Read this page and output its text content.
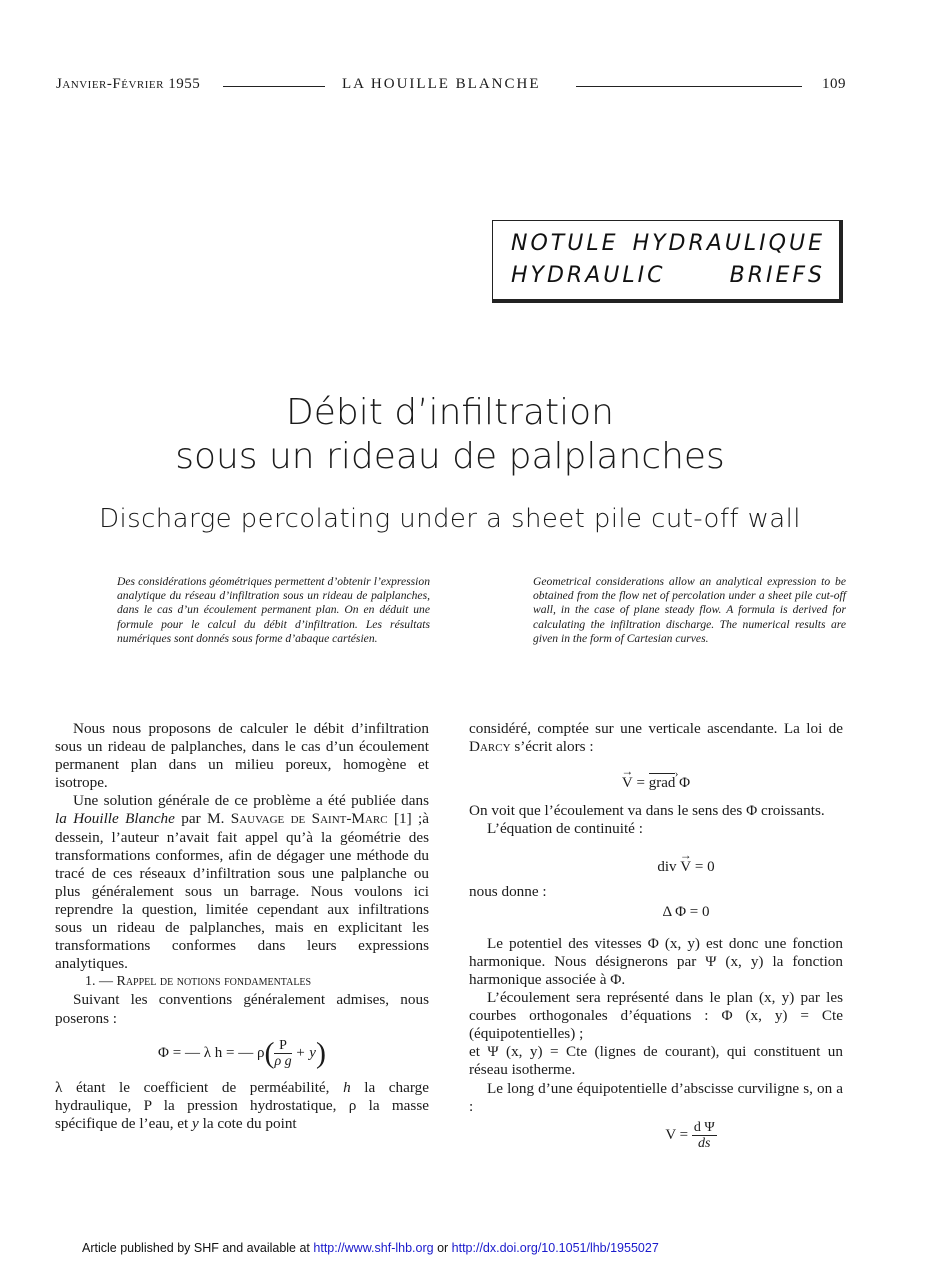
Janvier-Février 1955	LA HOUILLE BLANCHE	109
NOTULE HYDRAULIQUE
HYDRAULIC	BRIEFS
Débit d’infiltration
sous un rideau de palplanches
Discharge percolating under a sheet pile cut-off wall
Des considérations géométriques permettent d’obtenir l’expression analytique du réseau d’infiltration sous un rideau de palplanches, dans le cas d’un écoulement permanent plan. On en déduit une formule pour le calcul du débit d’infiltration. Les résultats numériques sont donnés sous forme d’abaque cartésien.
Geometrical considerations allow an analytical expression to be obtained from the flow net of percolation under a sheet pile cut-off wall, in the case of plane steady flow. A formula is derived for calculating the infiltration discharge. The numerical results are given in the form of Cartesian curves.

Nous nous proposons de calculer le débit d’infiltration sous un rideau de palplanches, dans le cas d’un écoulement permanent plan dans un milieu poreux, homogène et isotrope.

Une solution générale de ce problème a été publiée dans la Houille Blanche par M. Sauvage de Saint-Marc [1] ;à dessein, l’auteur n’avait fait appel qu’à la géométrie des transformations conformes, afin de dégager une méthode du tracé de ces réseaux d’infiltration sous une palplanche ou plus généralement sous un barrage. Nous voulons ici reprendre la question, limitée cependant aux infiltrations sous un rideau de palplanches, mais en explicitant les transformations conformes dans leurs expressions analytiques.

1. — Rappel de notions fondamentales

Suivant les conventions généralement admises, nous poserons :

Φ = — λ h = — $\rho( \frac{P}{\text{ρ g}} + y)$

λ étant le coefficient de perméabilité, h la charge hydraulique, P la pression hydrostatique, ρ la masse spécifique de l’eau, et y la cote du point

considéré, comptée sur une verticale ascendante. La loi de Darcy s’écrit alors :

→ V = grad › Φ

On voit que l’écoulement va dans le sens des Φ croissants.

L’équation de continuité :

div → V = 0

nous donne :

Δ Φ = 0

Le potentiel des vitesses Φ (x, y) est donc une fonction harmonique. Nous désignerons par Ψ (x, y) la fonction harmonique associée à Φ.

L’écoulement sera représenté dans le plan (x, y) par les courbes orthogonales d’équations : Φ (x, y) = Cte (équipotentielles) ;

et Ψ (x, y) = Cte (lignes de courant), qui constituent un réseau isotherme.

Le long d’une équipotentielle d’abscisse curviligne s, on a :

$V = \frac{\text{d Ψ}}{ds}$
Article published by SHF and available at http://www.shf-lhb.org or http://dx.doi.org/10.1051/lhb/1955027
